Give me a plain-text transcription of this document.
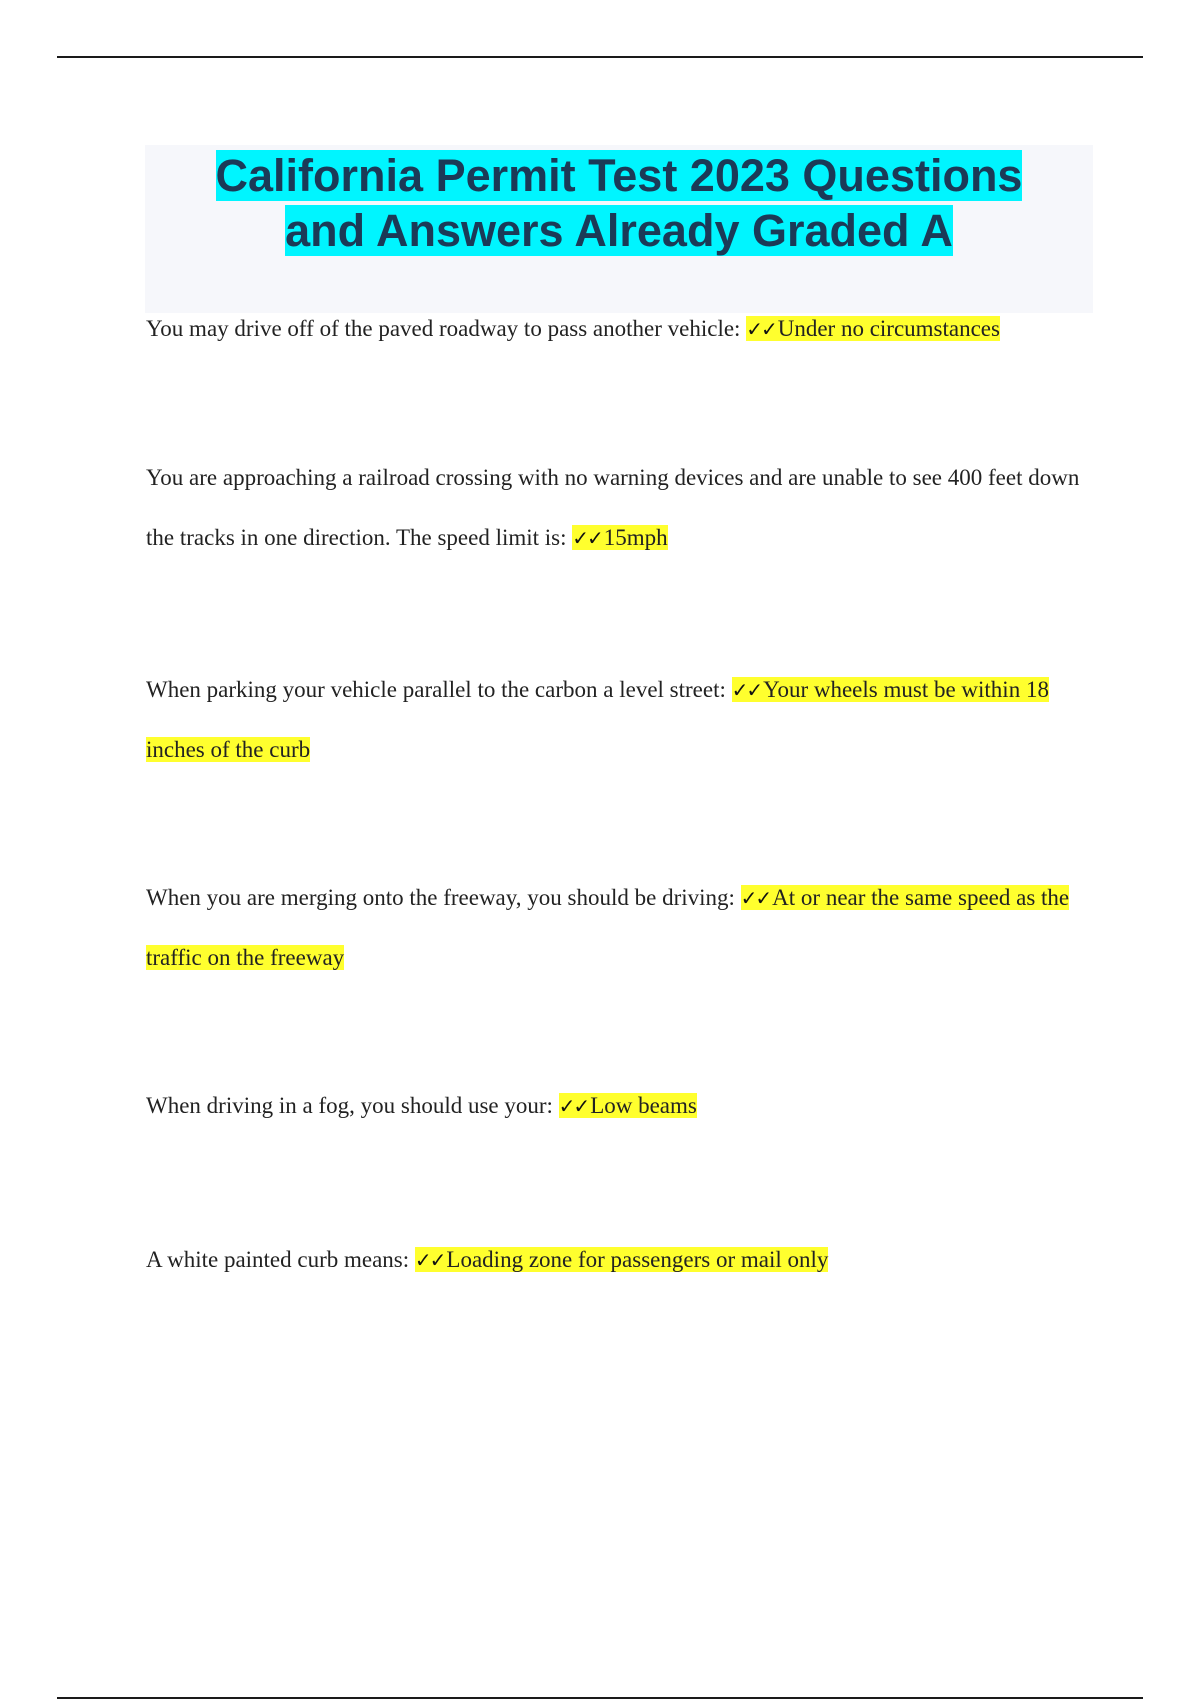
California Permit Test 2023 Questions
and Answers Already Graded A

You may drive off of the paved roadway to pass another vehicle: ✓✓Under no circumstances

You are approaching a railroad crossing with no warning devices and are unable to see 400 feet down the tracks in one direction. The speed limit is: ✓✓15mph

When parking your vehicle parallel to the carbon a level street: ✓✓Your wheels must be within 18 inches of the curb

When you are merging onto the freeway, you should be driving: ✓✓At or near the same speed as the traffic on the freeway

When driving in a fog, you should use your: ✓✓Low beams

A white painted curb means: ✓✓Loading zone for passengers or mail only
